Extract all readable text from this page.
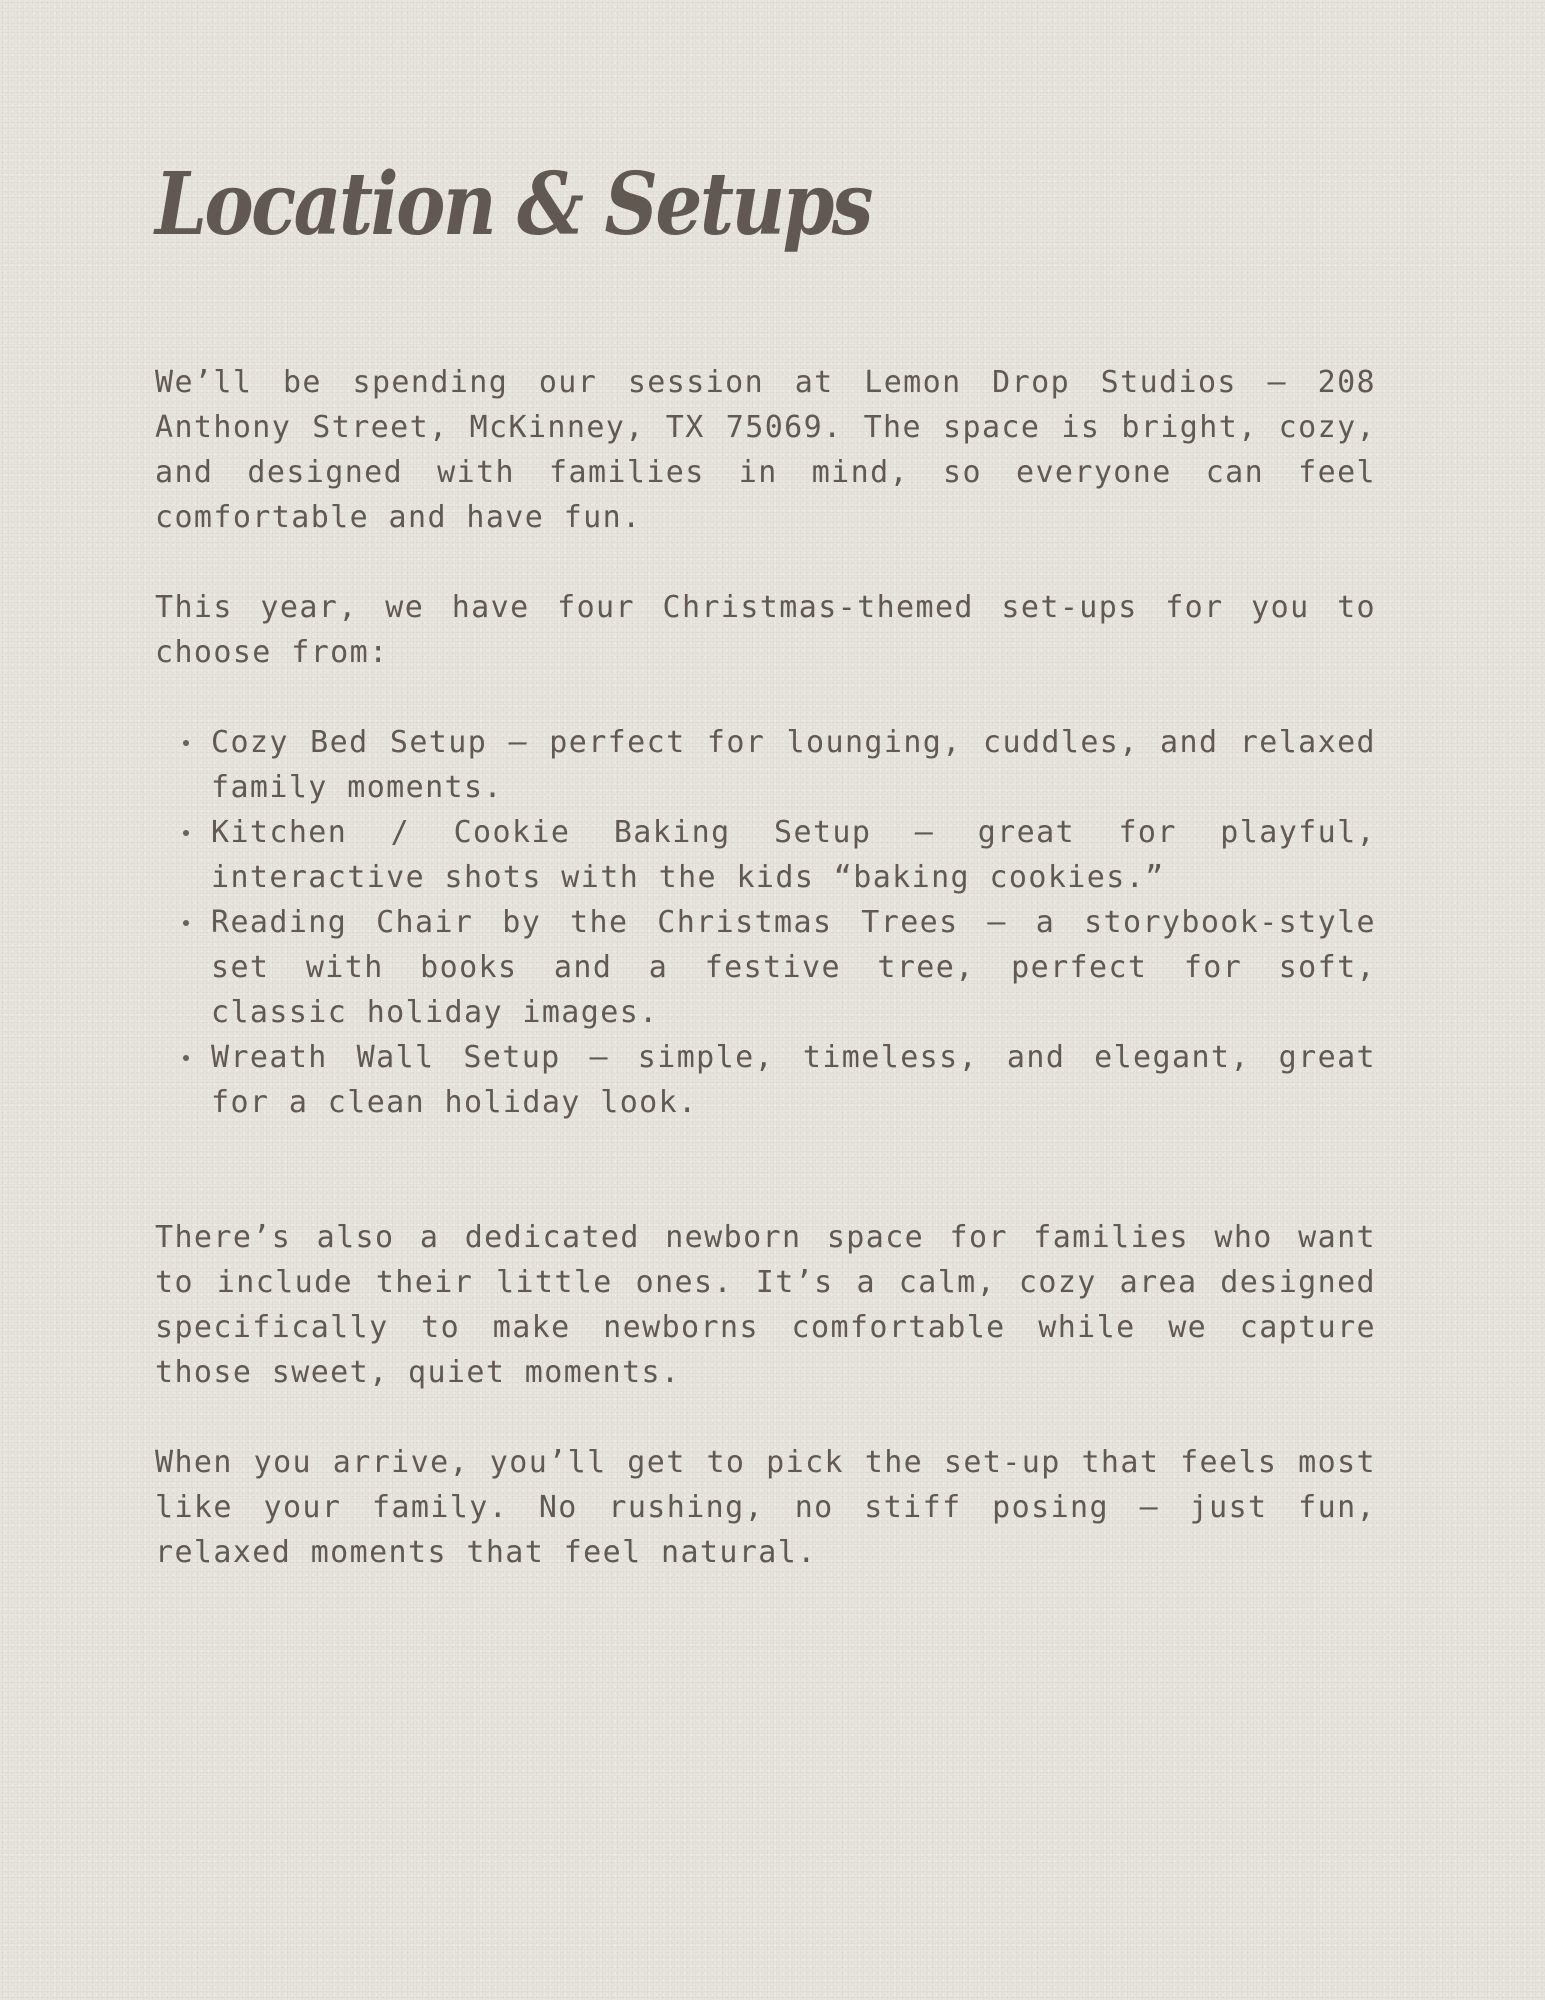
Location & Setups

We’ll be spending our session at Lemon Drop Studios — 208 Anthony Street, McKinney, TX 75069. The space is bright, cozy, and designed with families in mind, so everyone can feel comfortable and have fun.

This year, we have four Christmas-themed set-ups for you to choose from:

Cozy Bed Setup — perfect for lounging, cuddles, and relaxed family moments.
Kitchen / Cookie Baking Setup — great for playful, interactive shots with the kids “baking cookies.”
Reading Chair by the Christmas Trees — a storybook-style set with books and a festive tree, perfect for soft, classic holiday images.
Wreath Wall Setup — simple, timeless, and elegant, great for a clean holiday look.

There’s also a dedicated newborn space for families who want to include their little ones. It’s a calm, cozy area designed specifically to make newborns comfortable while we capture those sweet, quiet moments.

When you arrive, you’ll get to pick the set-up that feels most like your family. No rushing, no stiff posing — just fun, relaxed moments that feel natural.
